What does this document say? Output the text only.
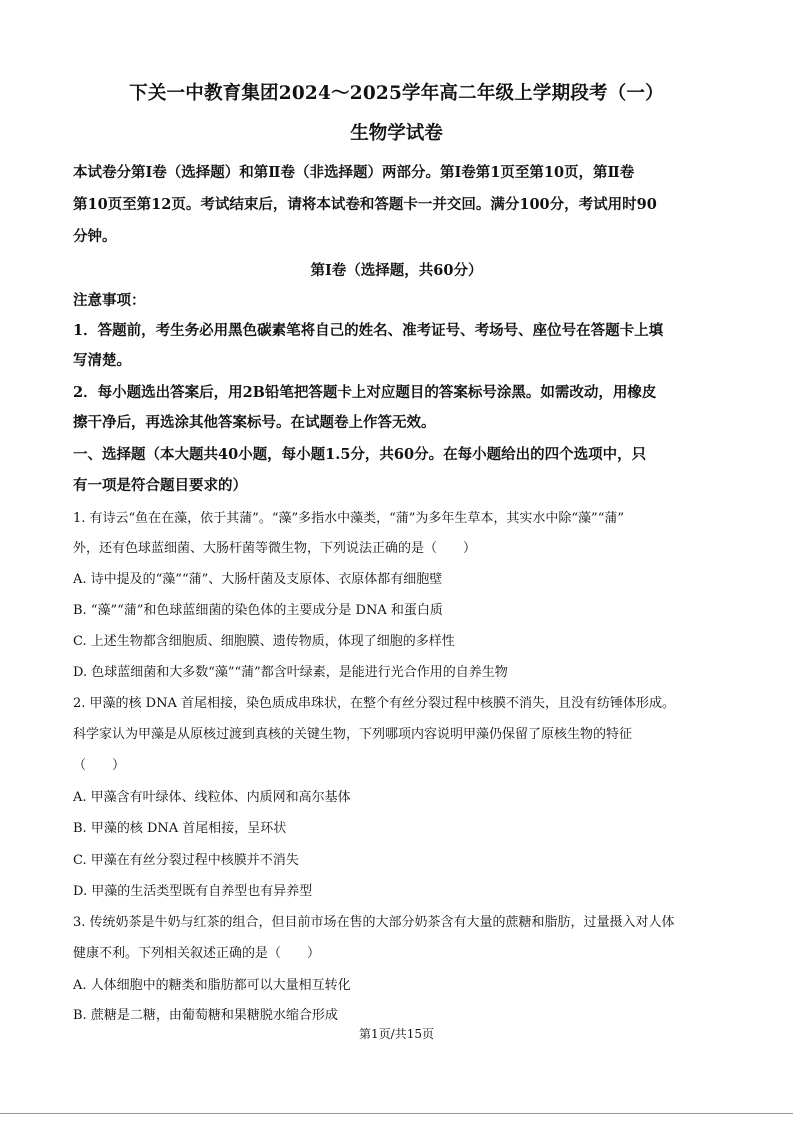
下关一中教育集团2024～2025学年高二年级上学期段考（一）
生物学试卷
本试卷分第Ⅰ卷（选择题）和第Ⅱ卷（非选择题）两部分。第Ⅰ卷第1页至第10页，第Ⅱ卷
第10页至第12页。考试结束后，请将本试卷和答题卡一并交回。满分100分，考试用时90
分钟。
第Ⅰ卷（选择题，共60分）
注意事项：
1．答题前，考生务必用黑色碳素笔将自己的姓名、准考证号、考场号、座位号在答题卡上填
写清楚。
2．每小题选出答案后，用2B铅笔把答题卡上对应题目的答案标号涂黑。如需改动，用橡皮
擦干净后，再选涂其他答案标号。在试题卷上作答无效。
一、选择题（本大题共40小题，每小题1.5分，共60分。在每小题给出的四个选项中，只
有一项是符合题目要求的）
1. 有诗云“鱼在在藻，依于其蒲”。“藻”多指水中藻类，“蒲”为多年生草本，其实水中除“藻”“蒲”
外，还有色球蓝细菌、大肠杆菌等微生物，下列说法正确的是（　　）
A. 诗中提及的“藻”“蒲”、大肠杆菌及支原体、衣原体都有细胞壁
B. “藻”“蒲”和色球蓝细菌的染色体的主要成分是 DNA 和蛋白质
C. 上述生物都含细胞质、细胞膜、遗传物质，体现了细胞的多样性
D. 色球蓝细菌和大多数“藻”“蒲”都含叶绿素，是能进行光合作用的自养生物
2. 甲藻的核 DNA 首尾相接，染色质成串珠状，在整个有丝分裂过程中核膜不消失，且没有纺锤体形成。
科学家认为甲藻是从原核过渡到真核的关键生物，下列哪项内容说明甲藻仍保留了原核生物的特征
（　　）
A. 甲藻含有叶绿体、线粒体、内质网和高尔基体
B. 甲藻的核 DNA 首尾相接，呈环状
C. 甲藻在有丝分裂过程中核膜并不消失
D. 甲藻的生活类型既有自养型也有异养型
3. 传统奶茶是牛奶与红茶的组合，但目前市场在售的大部分奶茶含有大量的蔗糖和脂肪，过量摄入对人体
健康不利。下列相关叙述正确的是（　　）
A. 人体细胞中的糖类和脂肪都可以大量相互转化
B. 蔗糖是二糖，由葡萄糖和果糖脱水缩合形成
第1页/共15页
